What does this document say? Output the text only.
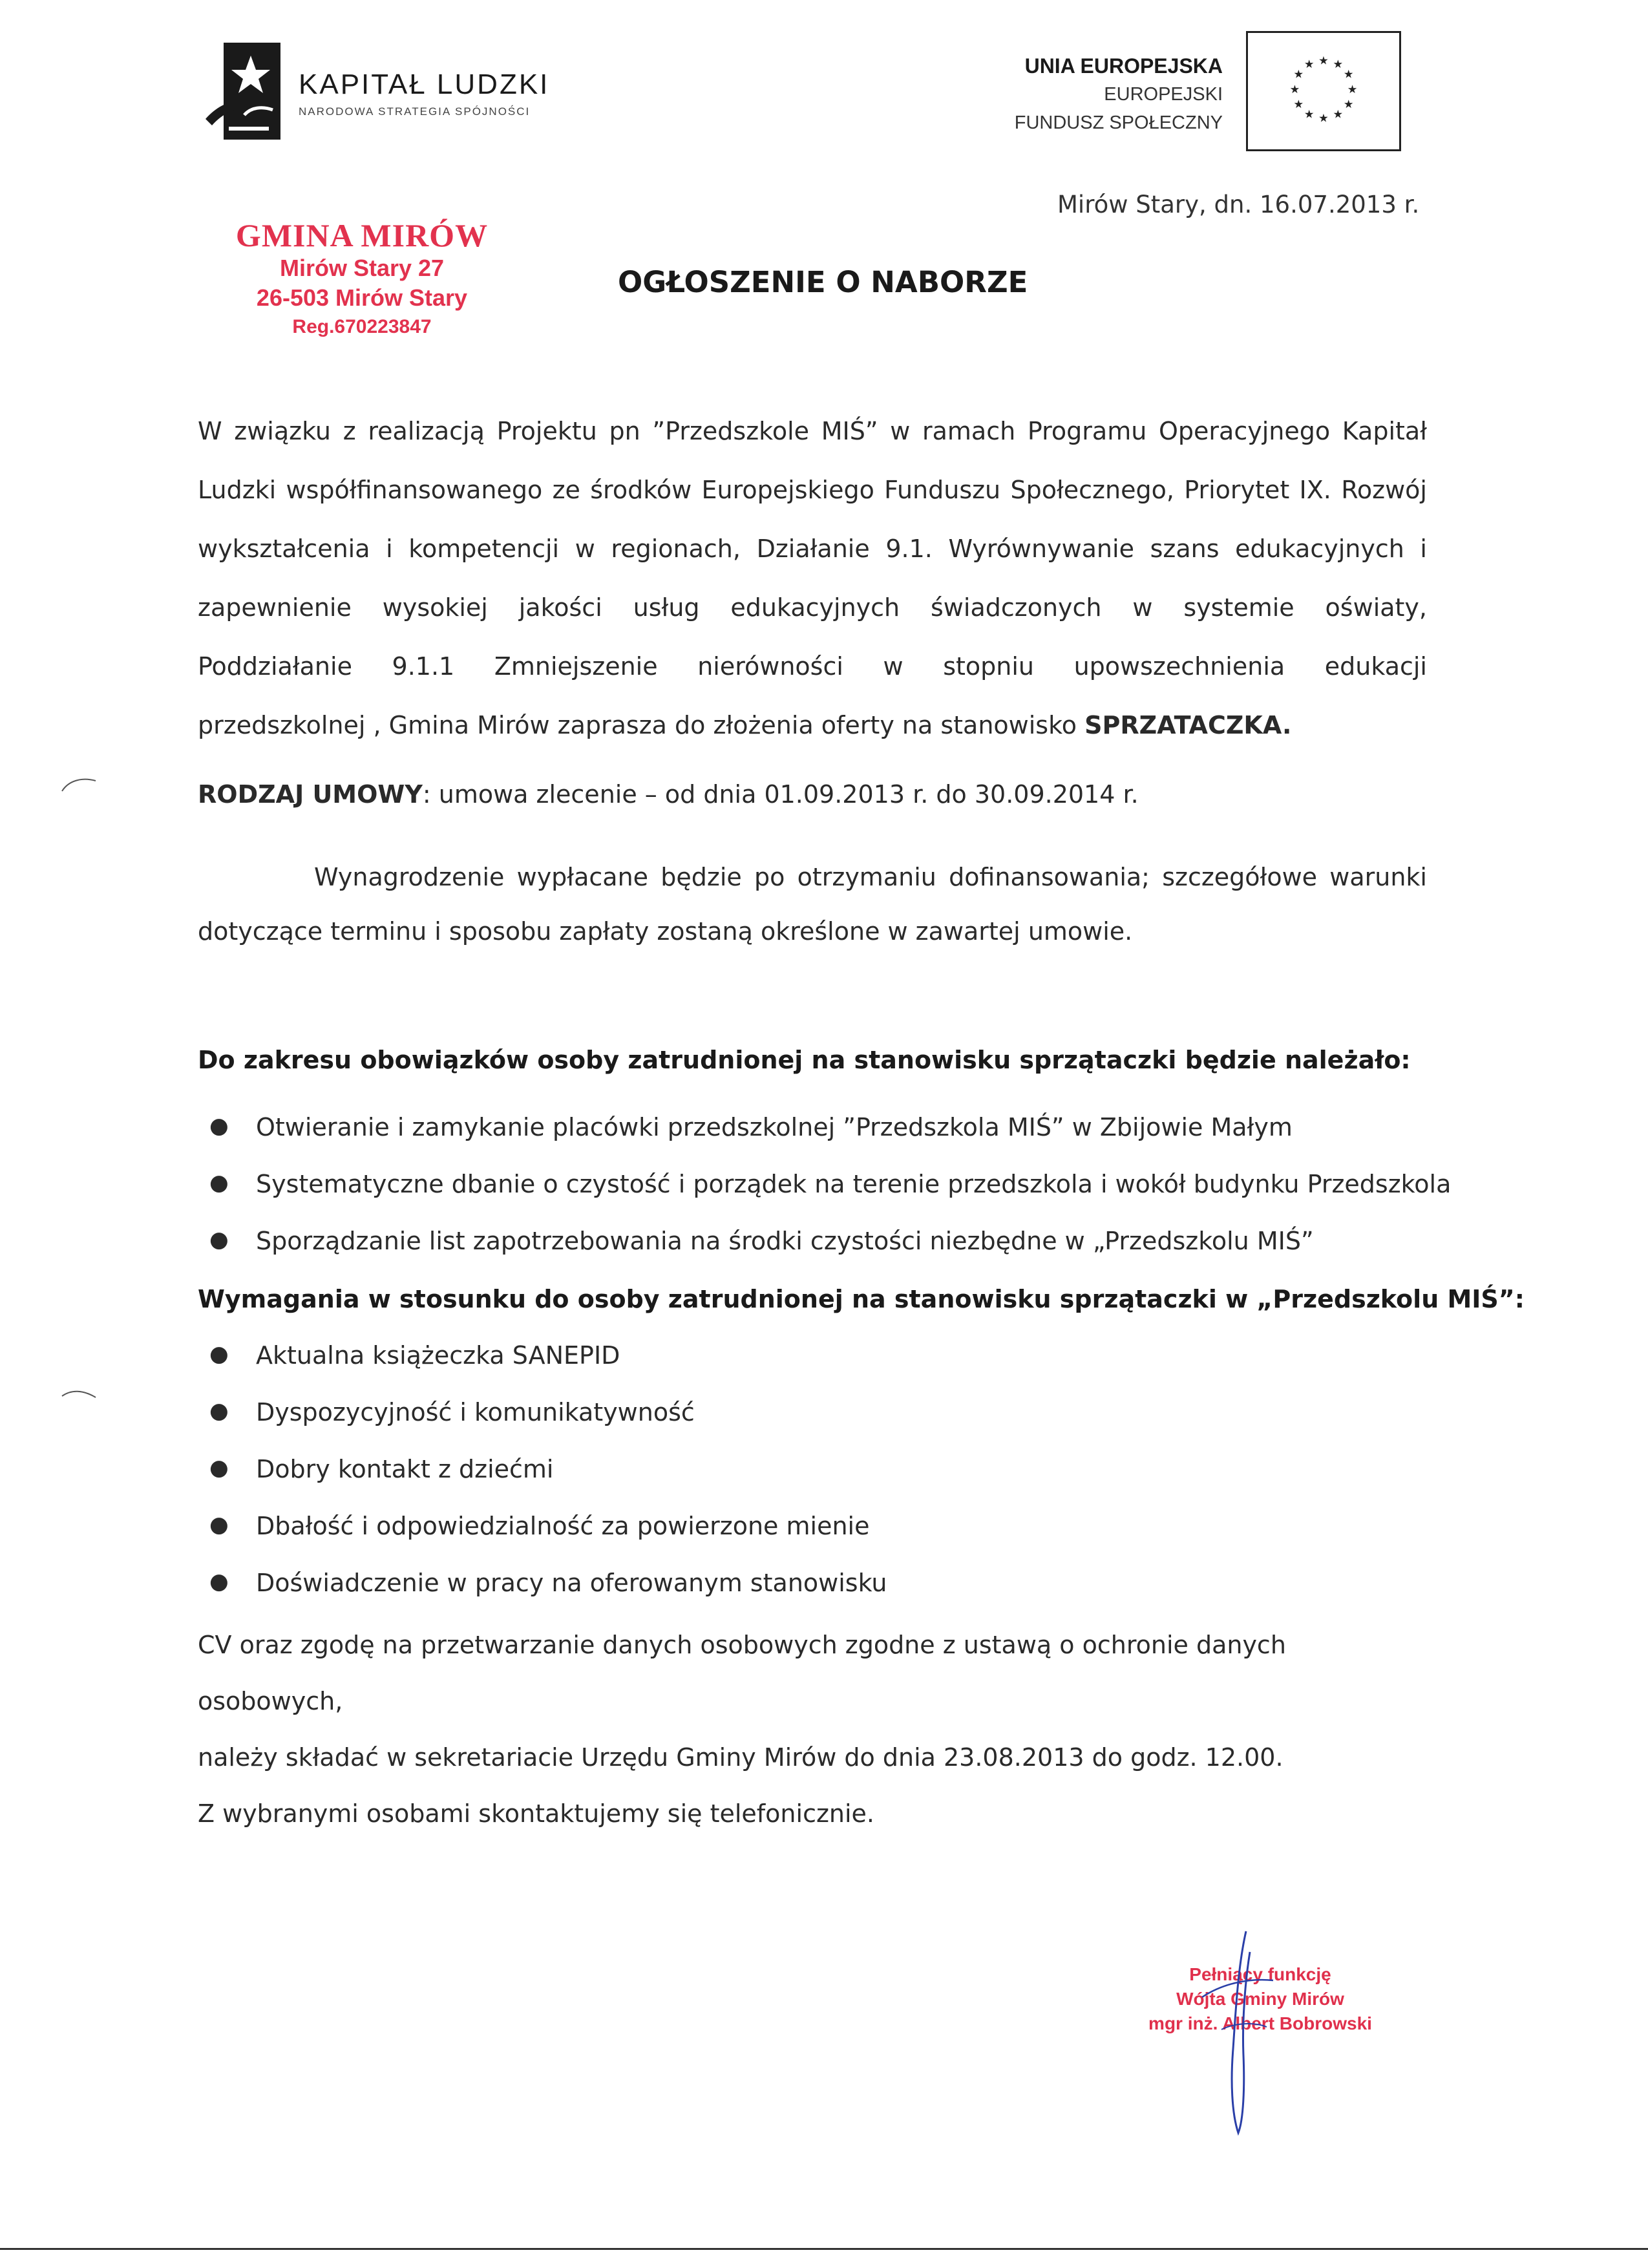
KAPITAŁ LUDZKI
NARODOWA STRATEGIA SPÓJNOŚCI
UNIA EUROPEJSKA
EUROPEJSKI
FUNDUSZ SPOŁECZNY
★ ★
★
★
★
★
★
★
★
★
★
★
GMINA MIRÓW
Mirów Stary 27
26-503 Mirów Stary
Reg.670223847
Mirów Stary, dn. 16.07.2013 r.
OGŁOSZENIE O NABORZE
W związku z realizacją Projektu pn ”Przedszkole MIŚ” w ramach Programu Operacyjnego Kapitał
Ludzki współfinansowanego ze środków Europejskiego Funduszu Społecznego, Priorytet IX. Rozwój
wykształcenia i kompetencji w regionach, Działanie 9.1. Wyrównywanie szans edukacyjnych i
zapewnienie wysokiej jakości usług edukacyjnych świadczonych w systemie oświaty,
Poddziałanie 9.1.1 Zmniejszenie nierówności w stopniu upowszechnienia edukacji
przedszkolnej , Gmina Mirów zaprasza do złożenia oferty na stanowisko SPRZATACZKA.
RODZAJ UMOWY: umowa zlecenie – od dnia 01.09.2013 r. do 30.09.2014 r.
Wynagrodzenie wypłacane będzie po otrzymaniu dofinansowania; szczegółowe warunki dotyczące terminu i sposobu zapłaty zostaną określone w zawartej umowie.
Do zakresu obowiązków osoby zatrudnionej na stanowisku sprzątaczki będzie należało:
● Otwieranie i zamykanie placówki przedszkolnej ”Przedszkola MIŚ” w Zbijowie Małym
● Systematyczne dbanie o czystość i porządek na terenie przedszkola i wokół budynku Przedszkola
● Sporządzanie list zapotrzebowania na środki czystości niezbędne w „Przedszkolu MIŚ”
Wymagania w stosunku do osoby zatrudnionej na stanowisku sprzątaczki w „Przedszkolu MIŚ”:
● Aktualna książeczka SANEPID
● Dyspozycyjność i komunikatywność
● Dobry kontakt z dziećmi
● Dbałość i odpowiedzialność za powierzone mienie
● Doświadczenie w pracy na oferowanym stanowisku
CV oraz zgodę na przetwarzanie danych osobowych zgodne z ustawą o ochronie danych osobowych,
należy składać w sekretariacie Urzędu Gminy Mirów do dnia 23.08.2013 do godz. 12.00.
Z wybranymi osobami skontaktujemy się telefonicznie.
Pełniący funkcję
Wójta Gminy Mirów
mgr inż. Albert Bobrowski
